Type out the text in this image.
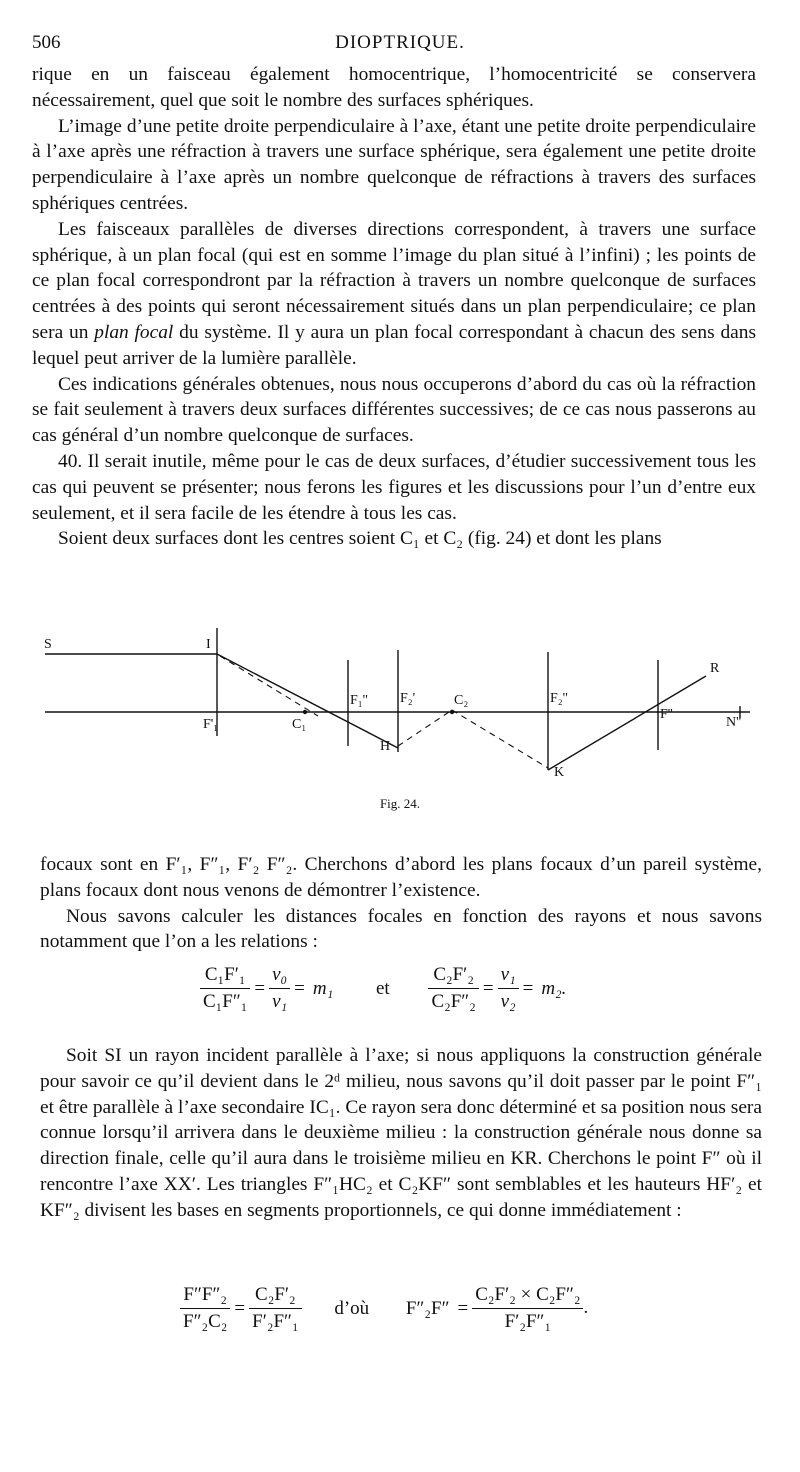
506	DIOPTRIQUE.

rique en un faisceau également homocentrique, l’homocentricité se conservera nécessairement, quel que soit le nombre des surfaces sphériques.

L’image d’une petite droite perpendiculaire à l’axe, étant une petite droite perpendiculaire à l’axe après une réfraction à travers une surface sphérique, sera également une petite droite perpendiculaire à l’axe après un nombre quelconque de réfractions à travers des surfaces sphériques centrées.

Les faisceaux parallèles de diverses directions correspondent, à travers une surface sphérique, à un plan focal (qui est en somme l’image du plan situé à l’infini) ; les points de ce plan focal correspondront par la réfraction à travers un nombre quelconque de surfaces centrées à des points qui seront nécessairement situés dans un plan perpendiculaire; ce plan sera un plan focal du système. Il y aura un plan focal correspondant à chacun des sens dans lequel peut arriver de la lumière parallèle.

Ces indications générales obtenues, nous nous occuperons d’abord du cas où la réfraction se fait seulement à travers deux surfaces différentes successives; de ce cas nous passerons au cas général d’un nombre quelconque de surfaces.

40. Il serait inutile, même pour le cas de deux surfaces, d’étudier successivement tous les cas qui peuvent se présenter; nous ferons les figures et les discussions pour l’un d’entre eux seulement, et il sera facile de les étendre à tous les cas.

Soient deux surfaces dont les centres soient C₁ et C₂ (fig. 24) et dont les plans

S	I
F'₁	C₁
F₁''
H
F₂'	C₂	F₂''
K
F''
R
N''
Fig. 24.

focaux sont en F′₁, F″₁, F′₂ F″₂. Cherchons d’abord les plans focaux d’un pareil système, plans focaux dont nous venons de démontrer l’existence.

Nous savons calculer les distances focales en fonction des rayons et nous savons notamment que l’on a les relations :

$\frac{\text{C₁F′₁}}{\text{C₁F″₁}} = \frac{\text{v₀}}{\text{v₁}} = m_1$ et $\frac{\text{C₂F′₂}}{\text{C₂F″₂}} = \frac{\text{v₁}}{\text{v₂}} = m_2$.

Soit SI un rayon incident parallèle à l’axe; si nous appliquons la construction générale pour savoir ce qu’il devient dans le 2ᵈ milieu, nous savons qu’il doit passer par le point F″₁ et être parallèle à l’axe secondaire IC₁. Ce rayon sera donc déterminé et sa position nous sera connue lorsqu’il arrivera dans le deuxième milieu : la construction générale nous donne sa direction finale, celle qu’il aura dans le troisième milieu en KR. Cherchons le point F″ où il rencontre l’axe XX′. Les triangles F″₁HC₂ et C₂KF″ sont semblables et les hauteurs HF′₂ et KF″₂ divisent les bases en segments proportionnels, ce qui donne immédiatement :

$\frac{\text{F″F″₂}}{\text{F″₂C₂}} = \frac{\text{C₂F′₂}}{\text{F′₂F″₁}}$ d’où $F''_2F'' = \frac{\text{C₂F′₂ × C₂F″₂}}{\text{F′₂F″₁}}$ .
